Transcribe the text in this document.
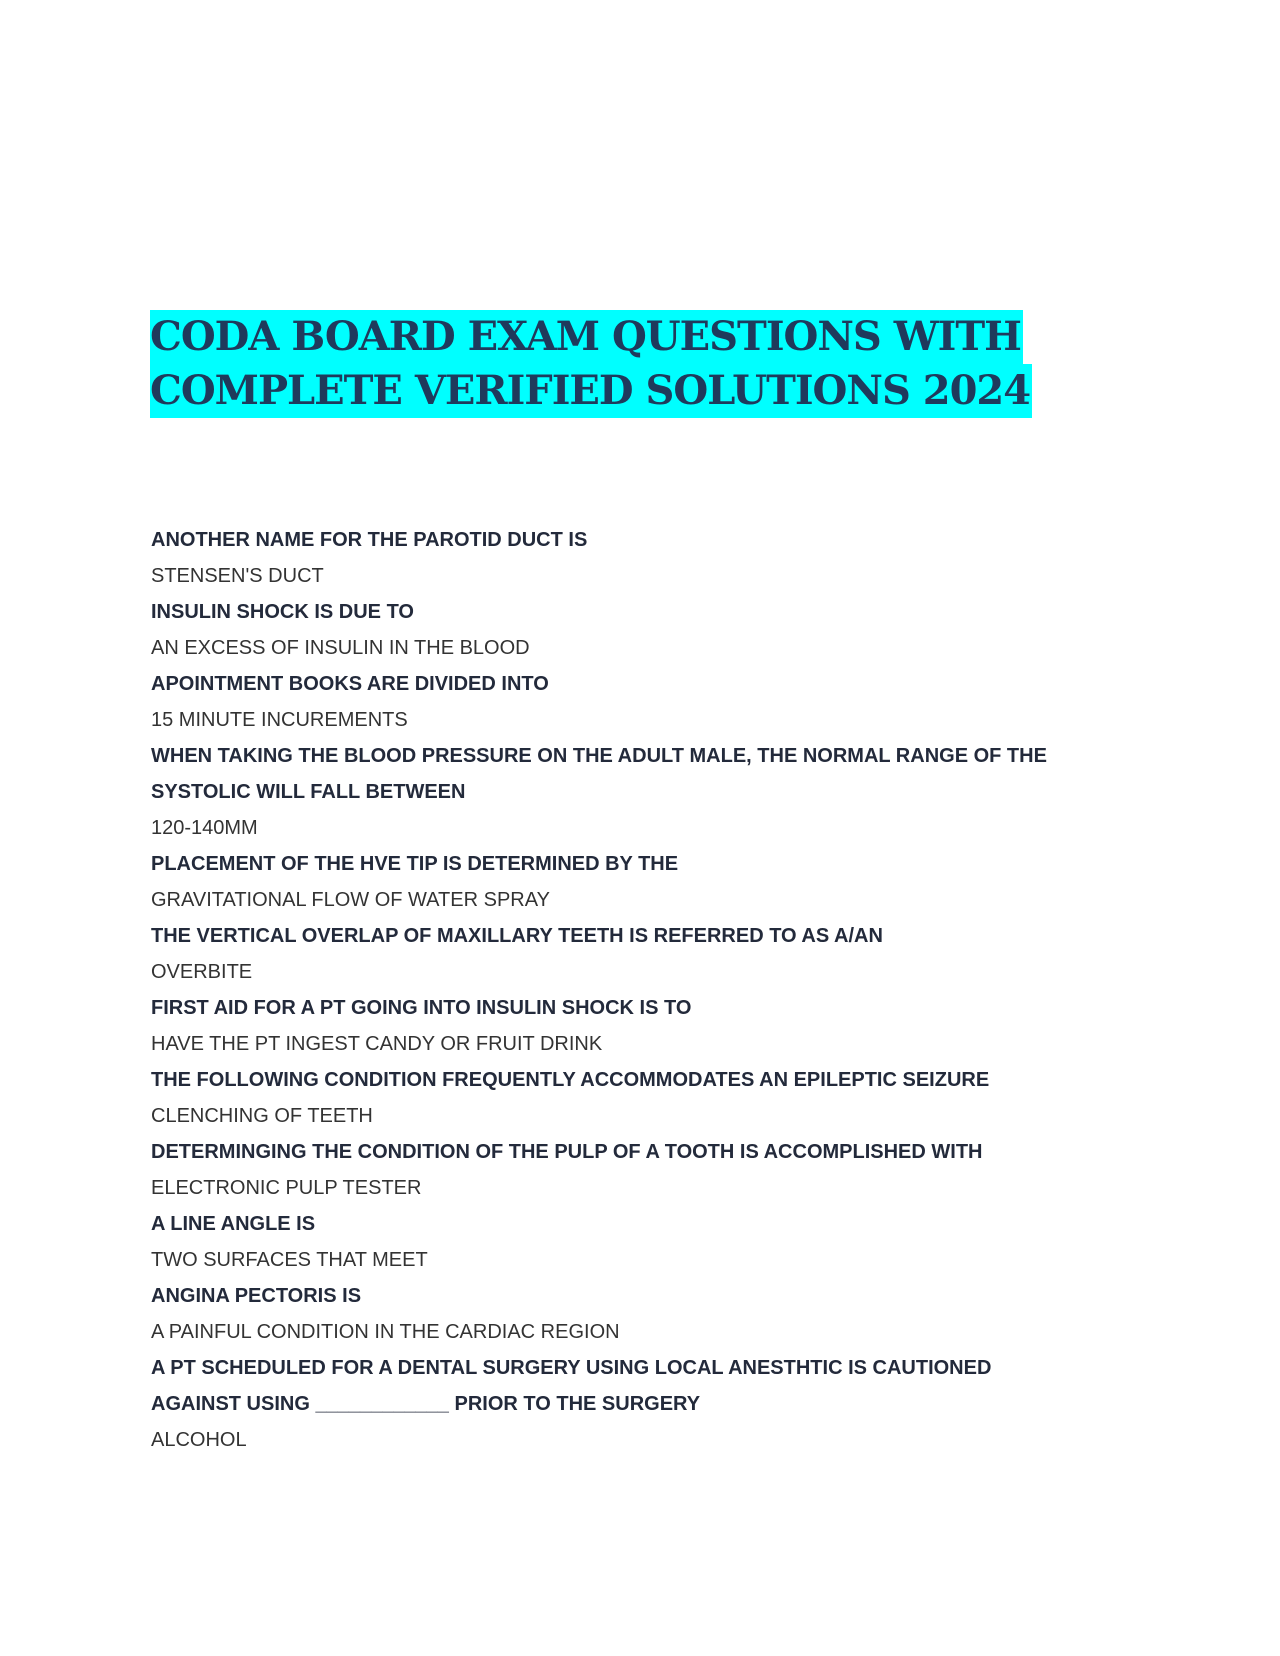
CODA BOARD EXAM QUESTIONS WITH
COMPLETE VERIFIED SOLUTIONS 2024
ANOTHER NAME FOR THE PAROTID DUCT IS
STENSEN'S DUCT
INSULIN SHOCK IS DUE TO
AN EXCESS OF INSULIN IN THE BLOOD
APOINTMENT BOOKS ARE DIVIDED INTO
15 MINUTE INCUREMENTS
WHEN TAKING THE BLOOD PRESSURE ON THE ADULT MALE, THE NORMAL RANGE OF THE
SYSTOLIC WILL FALL BETWEEN
120-140MM
PLACEMENT OF THE HVE TIP IS DETERMINED BY THE
GRAVITATIONAL FLOW OF WATER SPRAY
THE VERTICAL OVERLAP OF MAXILLARY TEETH IS REFERRED TO AS A/AN
OVERBITE
FIRST AID FOR A PT GOING INTO INSULIN SHOCK IS TO
HAVE THE PT INGEST CANDY OR FRUIT DRINK
THE FOLLOWING CONDITION FREQUENTLY ACCOMMODATES AN EPILEPTIC SEIZURE
CLENCHING OF TEETH
DETERMINGING THE CONDITION OF THE PULP OF A TOOTH IS ACCOMPLISHED WITH
ELECTRONIC PULP TESTER
A LINE ANGLE IS
TWO SURFACES THAT MEET
ANGINA PECTORIS IS
A PAINFUL CONDITION IN THE CARDIAC REGION
A PT SCHEDULED FOR A DENTAL SURGERY USING LOCAL ANESTHTIC IS CAUTIONED
AGAINST USING ____________ PRIOR TO THE SURGERY
ALCOHOL
